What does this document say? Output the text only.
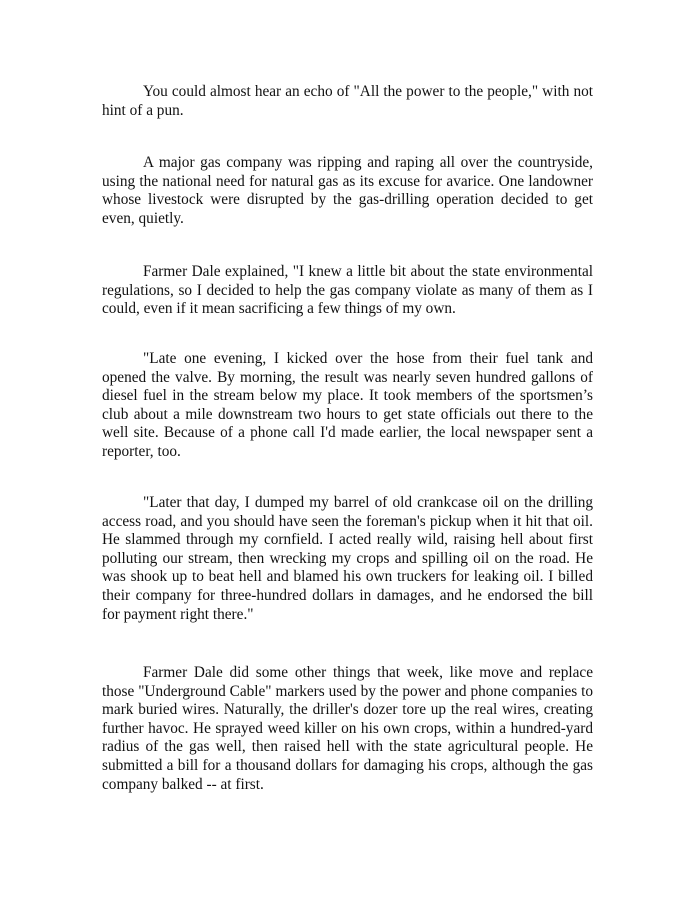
You could almost hear an echo of "All the power to the people," with not hint of a pun.

A major gas company was ripping and raping all over the countryside, using the national need for natural gas as its excuse for avarice. One landowner whose livestock were disrupted by the gas-drilling operation decided to get even, quietly.

Farmer Dale explained, "I knew a little bit about the state environmental regulations, so I decided to help the gas company violate as many of them as I could, even if it mean sacrificing a few things of my own.

"Late one evening, I kicked over the hose from their fuel tank and opened the valve. By morning, the result was nearly seven hundred gallons of diesel fuel in the stream below my place. It took members of the sportsmen’s club about a mile downstream two hours to get state officials out there to the well site. Because of a phone call I'd made earlier, the local newspaper sent a reporter, too.

"Later that day, I dumped my barrel of old crankcase oil on the drilling access road, and you should have seen the foreman's pickup when it hit that oil. He slammed through my cornfield. I acted really wild, raising hell about first polluting our stream, then wrecking my crops and spilling oil on the road. He was shook up to beat hell and blamed his own truckers for leaking oil. I billed their company for three-hundred dollars in damages, and he endorsed the bill for payment right there."

Farmer Dale did some other things that week, like move and replace those "Underground Cable" markers used by the power and phone companies to mark buried wires. Naturally, the driller's dozer tore up the real wires, creating further havoc. He sprayed weed killer on his own crops, within a hundred-yard radius of the gas well, then raised hell with the state agricultural people. He submitted a bill for a thousand dollars for damaging his crops, although the gas company balked -- at first.
